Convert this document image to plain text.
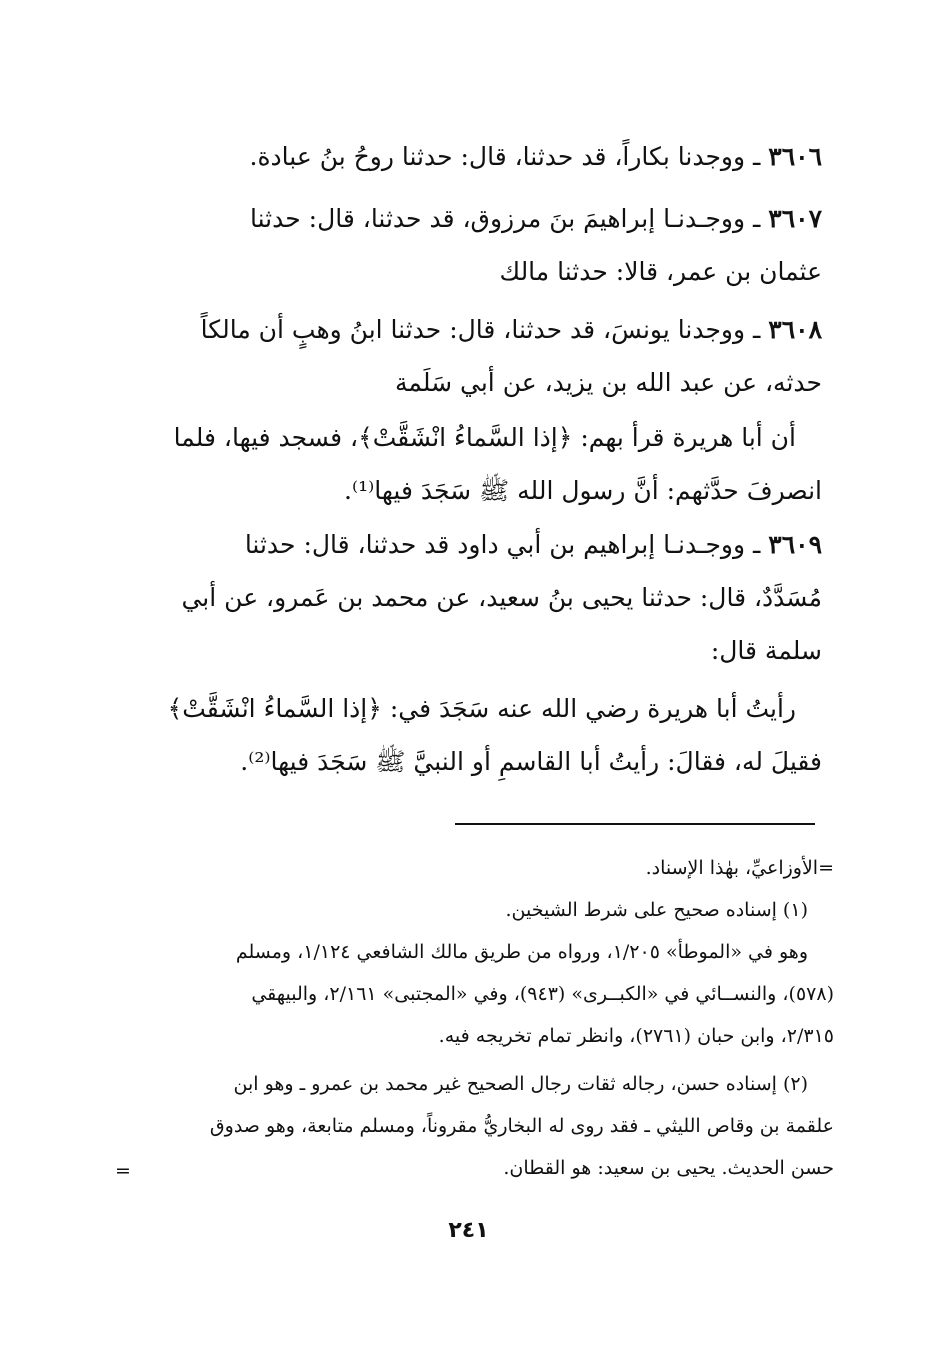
٣٦٠٦ ـ ووجدنا بكاراً، قد حدثنا، قال: حدثنا روحُ بنُ عبادة.
٣٦٠٧ ـ ووجـدنـا إبراهيمَ بنَ مرزوق، قد حدثنا، قال: حدثنا
عثمان بن عمر، قالا: حدثنا مالك
٣٦٠٨ ـ ووجدنا يونسَ، قد حدثنا، قال: حدثنا ابنُ وهبٍ أن مالكاً
حدثه، عن عبد الله بن يزيد، عن أبي سَلَمة
أن أبا هريرة قرأ بهم: ﴿إذا السَّماءُ انْشَقَّتْ﴾، فسجد فيها، فلما
انصرفَ حدَّثهم: أنَّ رسول الله ﷺ سَجَدَ فيها⁽¹⁾.
٣٦٠٩ ـ ووجـدنـا إبراهيم بن أبي داود قد حدثنا، قال: حدثنا
مُسَدَّدٌ، قال: حدثنا يحيى بنُ سعيد، عن محمد بن عَمرو، عن أبي
سلمة قال:
رأيتُ أبا هريرة رضي الله عنه سَجَدَ في: ﴿إذا السَّماءُ انْشَقَّتْ﴾
فقيلَ له، فقالَ: رأيتُ أبا القاسمِ أو النبيَّ ﷺ سَجَدَ فيها⁽²⁾.
=الأوزاعيِّ، بهٰذا الإسناد.
(١) إسناده صحيح على شرط الشيخين.
وهو في «الموطأ» ١/٢٠٥، ورواه من طريق مالك الشافعي ١/١٢٤، ومسلم
(٥٧٨)، والنســائي في «الكبــرى» (٩٤٣)، وفي «المجتبى» ٢/١٦١، والبيهقي
٢/٣١٥، وابن حبان (٢٧٦١)، وانظر تمام تخريجه فيه.
(٢) إسناده حسن، رجاله ثقات رجال الصحيح غير محمد بن عمرو ـ وهو ابن
علقمة بن وقاص الليثي ـ فقد روى له البخاريُّ مقروناً، ومسلم متابعة، وهو صدوق
حسن الحديث. يحيى بن سعيد: هو القطان.
=
٢٤١
